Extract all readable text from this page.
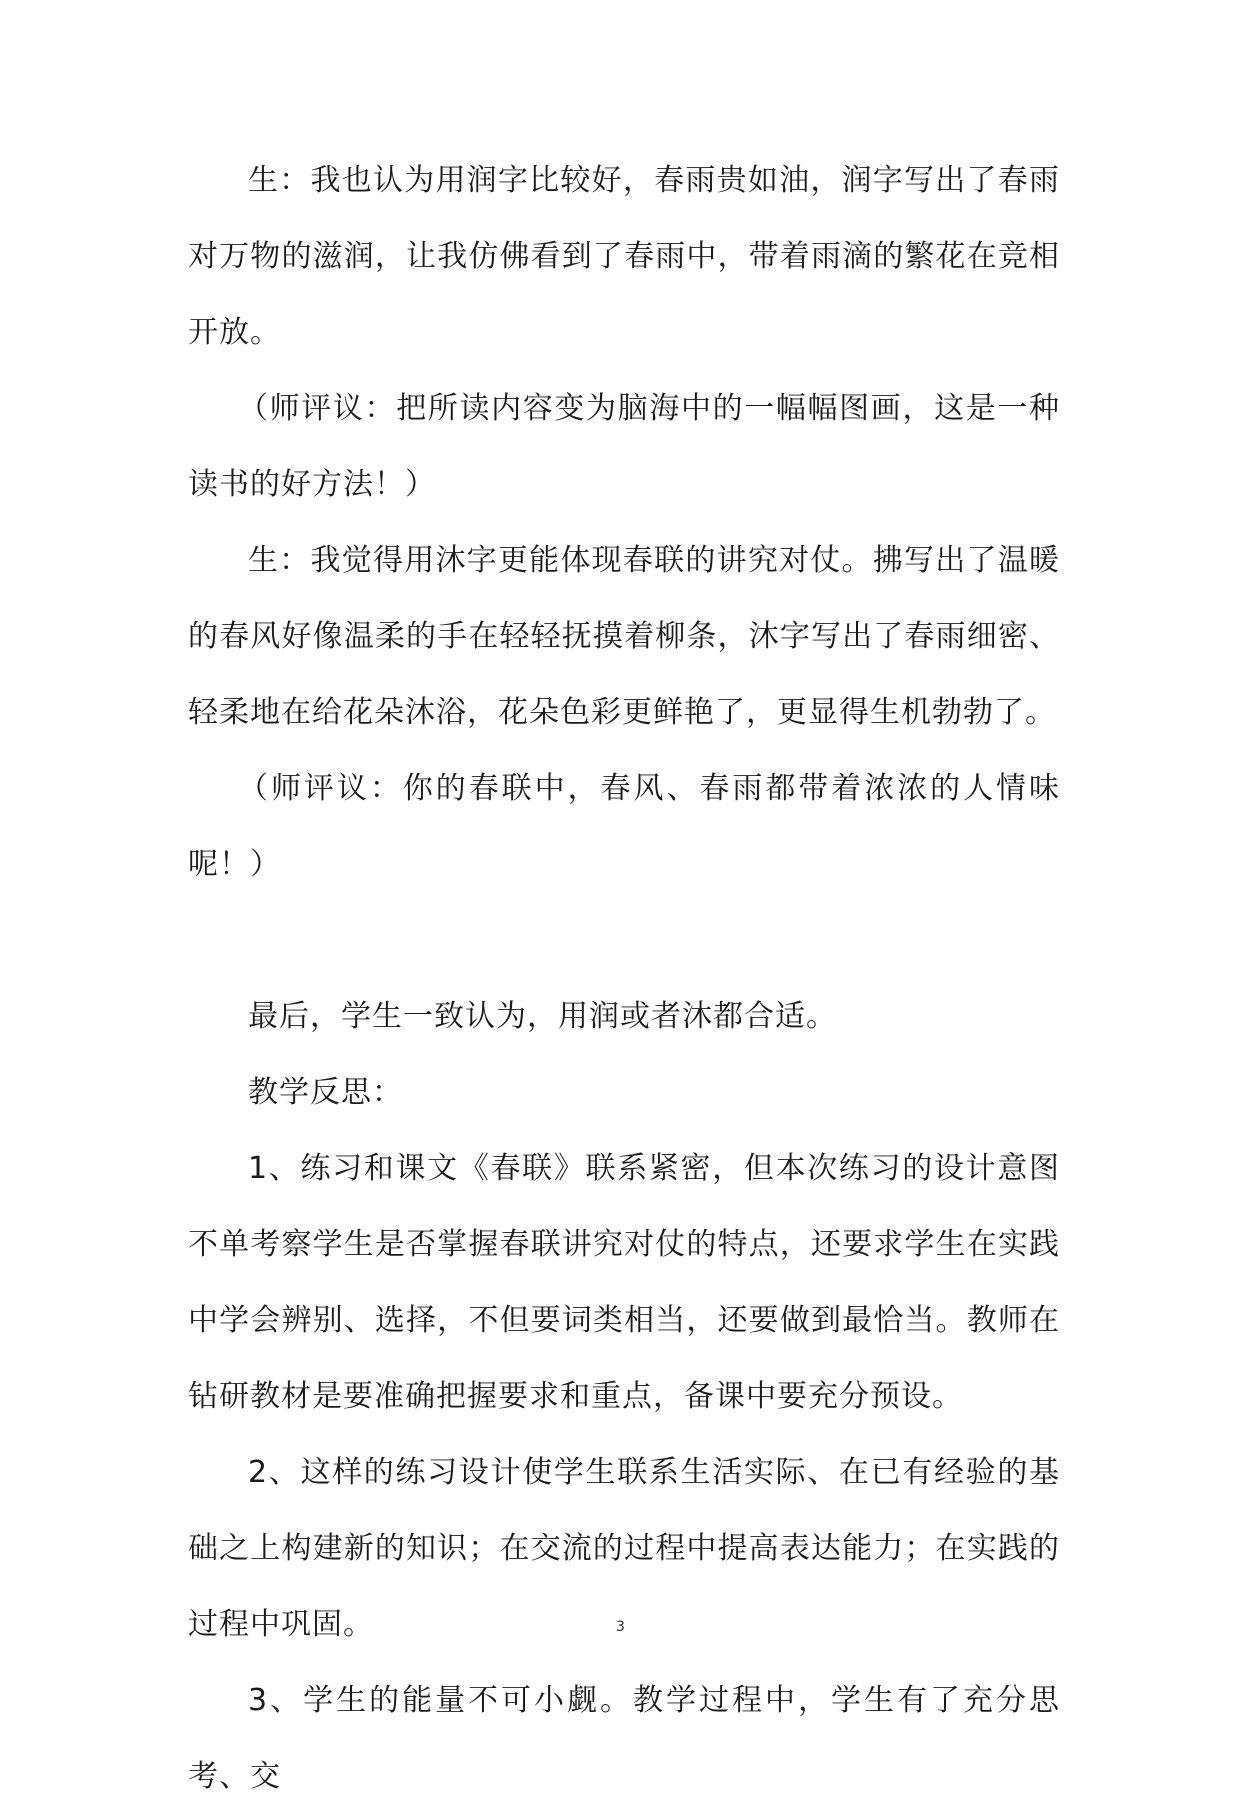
生：我也认为用润字比较好，春雨贵如油，润字写出了春雨对万物的滋润，让我仿佛看到了春雨中，带着雨滴的繁花在竞相开放。

（师评议：把所读内容变为脑海中的一幅幅图画，这是一种读书的好方法！）

生：我觉得用沐字更能体现春联的讲究对仗。拂写出了温暖的春风好像温柔的手在轻轻抚摸着柳条，沐字写出了春雨细密、轻柔地在给花朵沐浴，花朵色彩更鲜艳了，更显得生机勃勃了。

（师评议：你的春联中，春风、春雨都带着浓浓的人情味呢！）

最后，学生一致认为，用润或者沐都合适。

教学反思：

1、练习和课文《春联》联系紧密，但本次练习的设计意图不单考察学生是否掌握春联讲究对仗的特点，还要求学生在实践中学会辨别、选择，不但要词类相当，还要做到最恰当。教师在钻研教材是要准确把握要求和重点，备课中要充分预设。

2、这样的练习设计使学生联系生活实际、在已有经验的基础之上构建新的知识；在交流的过程中提高表达能力；在实践的过程中巩固。

3、学生的能量不可小觑。教学过程中，学生有了充分思考、交

3
